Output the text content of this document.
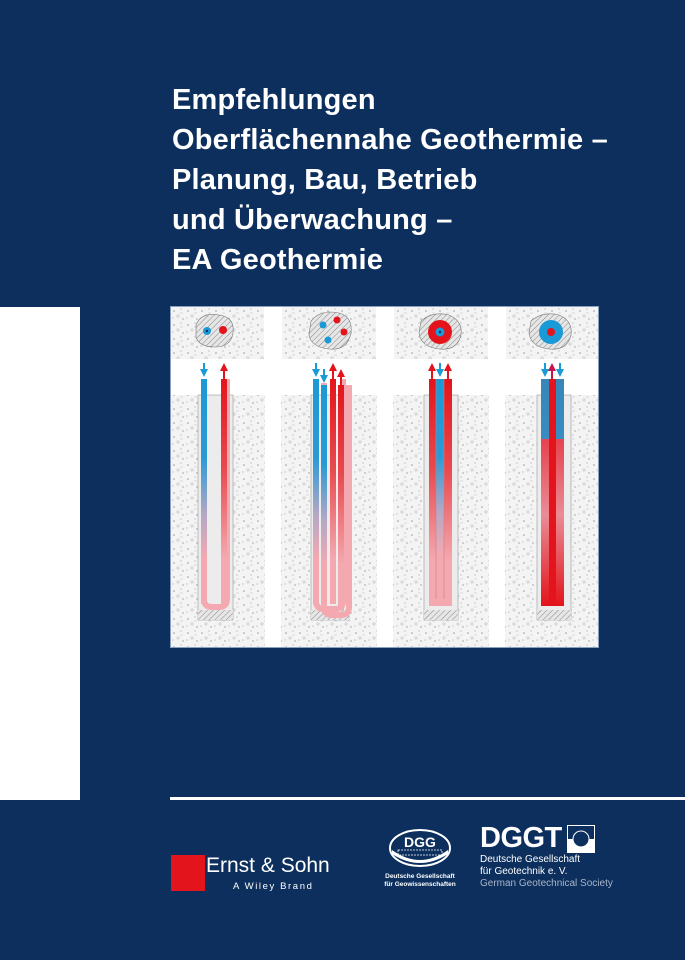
Empfehlungen
Oberflächennahe Geothermie –
Planung, Bau, Betrieb
und Überwachung –
EA Geothermie
Ernst & Sohn
A Wiley Brand
DGG
Deutsche Gesellschaft
für Geowissenschaften
DGGT
Deutsche Gesellschaft
für Geotechnik e. V.
German Geotechnical Society
